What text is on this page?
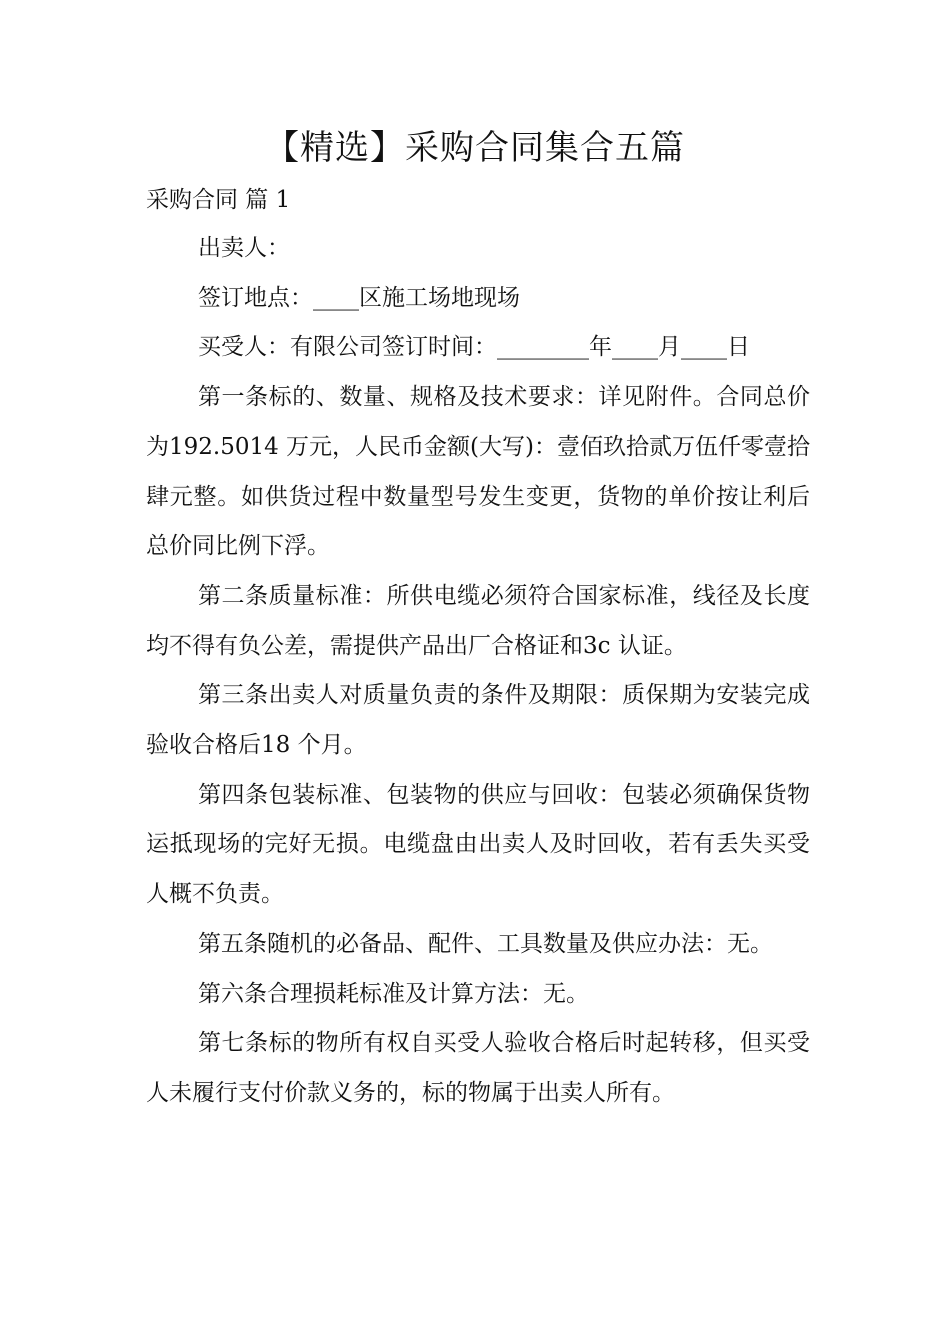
【精选】采购合同集合五篇
采购合同 篇 1

出卖人：

签订地点：____区施工场地现场

买受人：有限公司签订时间：________年____月____日

第一条标的、数量、规格及技术要求：详见附件。合同总价为192.5014 万元，人民币金额(大写)：壹佰玖拾贰万伍仟零壹拾肆元整。如供货过程中数量型号发生变更，货物的单价按让利后总价同比例下浮。

第二条质量标准：所供电缆必须符合国家标准，线径及长度均不得有负公差，需提供产品出厂合格证和3c 认证。

第三条出卖人对质量负责的条件及期限：质保期为安装完成验收合格后18 个月。

第四条包装标准、包装物的供应与回收：包装必须确保货物运抵现场的完好无损。电缆盘由出卖人及时回收，若有丢失买受人概不负责。

第五条随机的必备品、配件、工具数量及供应办法：无。

第六条合理损耗标准及计算方法：无。

第七条标的物所有权自买受人验收合格后时起转移，但买受人未履行支付价款义务的，标的物属于出卖人所有。
